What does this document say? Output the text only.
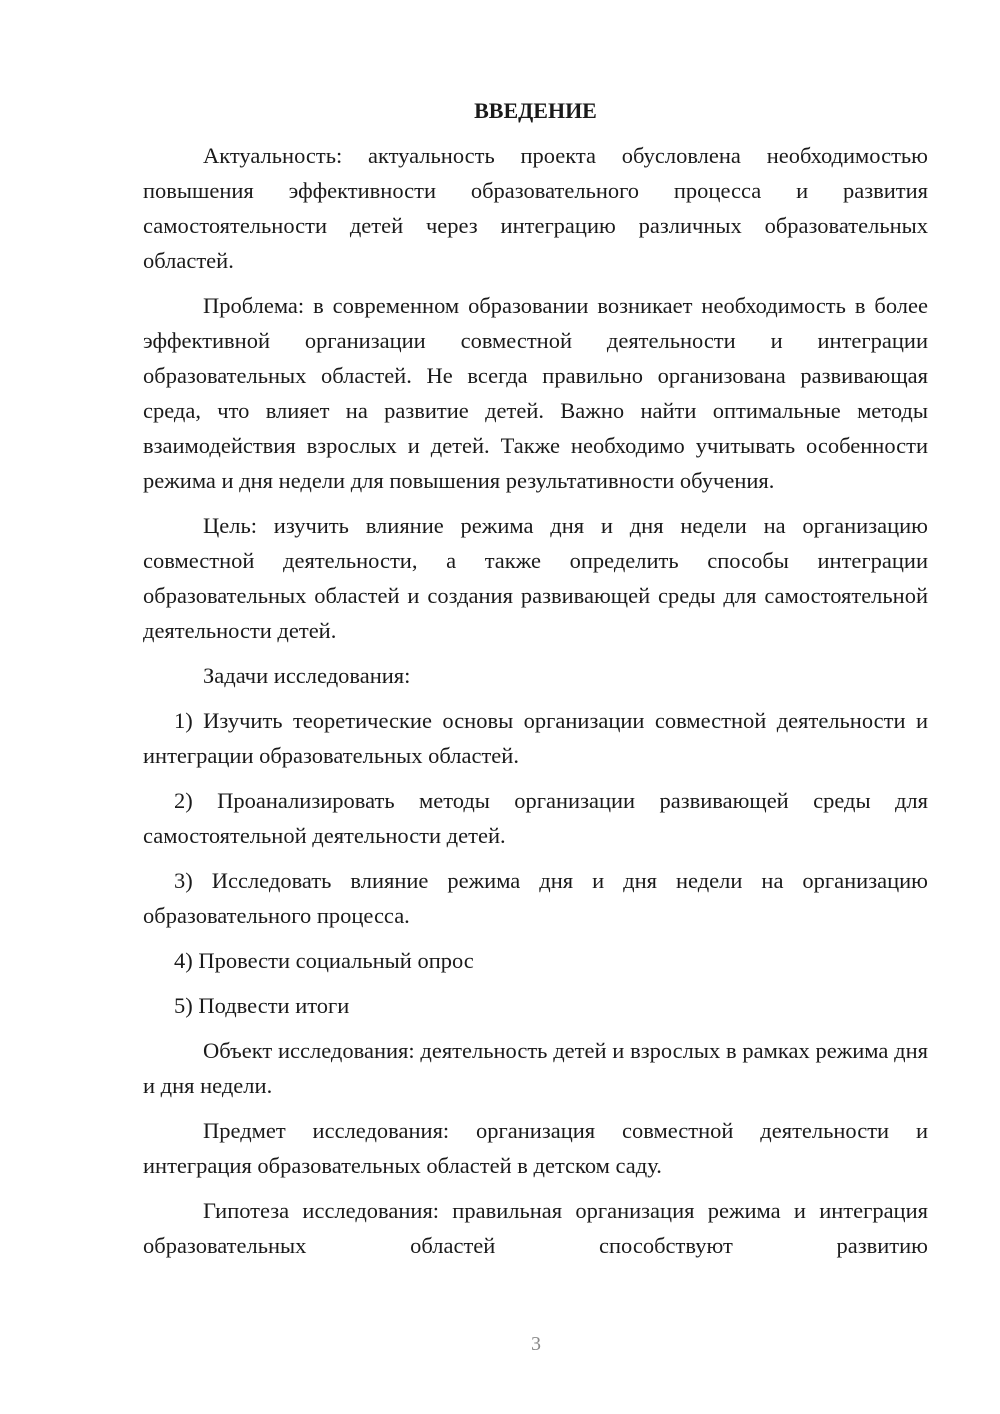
ВВЕДЕНИЕ

Актуальность: актуальность проекта обусловлена необходимостью повышения эффективности образовательного процесса и развития самостоятельности детей через интеграцию различных образовательных областей.

Проблема: в современном образовании возникает необходимость в более эффективной организации совместной деятельности и интеграции образовательных областей. Не всегда правильно организована развивающая среда, что влияет на развитие детей. Важно найти оптимальные методы взаимодействия взрослых и детей. Также необходимо учитывать особенности режима и дня недели для повышения результативности обучения.

Цель: изучить влияние режима дня и дня недели на организацию совместной деятельности, а также определить способы интеграции образовательных областей и создания развивающей среды для самостоятельной деятельности детей.

Задачи исследования:

1) Изучить теоретические основы организации совместной деятельности и интеграции образовательных областей.

2) Проанализировать методы организации развивающей среды для самостоятельной деятельности детей.

3) Исследовать влияние режима дня и дня недели на организацию образовательного процесса.

4) Провести социальный опрос

5) Подвести итоги

Объект исследования: деятельность детей и взрослых в рамках режима дня и дня недели.

Предмет исследования: организация совместной деятельности и интеграция образовательных областей в детском саду.

Гипотеза исследования: правильная организация режима и интеграция образовательных областей способствуют развитию

3
